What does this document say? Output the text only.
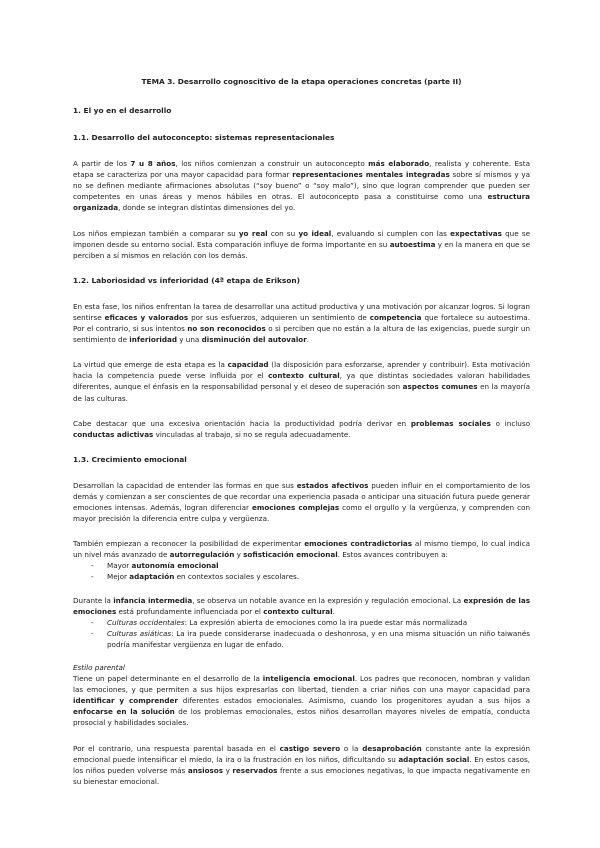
TEMA 3. Desarrollo cognoscitivo de la etapa operaciones concretas (parte II)
1. El yo en el desarrollo
1.1. Desarrollo del autoconcepto: sistemas representacionales

A partir de los 7 u 8 años, los niños comienzan a construir un autoconcepto más elaborado, realista y coherente. Esta etapa se caracteriza por una mayor capacidad para formar representaciones mentales integradas sobre sí mismos y ya no se definen mediante afirmaciones absolutas (“soy bueno” o “soy malo”), sino que logran comprender que pueden ser competentes en unas áreas y menos hábiles en otras. El autoconcepto pasa a constituirse como una estructura organizada, donde se integran distintas dimensiones del yo.

Los niños empiezan también a comparar su yo real con su yo ideal, evaluando si cumplen con las expectativas que se imponen desde su entorno social. Esta comparación influye de forma importante en su autoestima y en la manera en que se perciben a sí mismos en relación con los demás.

1.2. Laboriosidad vs inferioridad (4ª etapa de Erikson)

En esta fase, los niños enfrentan la tarea de desarrollar una actitud productiva y una motivación por alcanzar logros. Si logran sentirse eficaces y valorados por sus esfuerzos, adquieren un sentimiento de competencia que fortalece su autoestima. Por el contrario, si sus intentos no son reconocidos o si perciben que no están a la altura de las exigencias, puede surgir un sentimiento de inferioridad y una disminución del autovalor.

La virtud que emerge de esta etapa es la capacidad (la disposición para esforzarse, aprender y contribuir). Esta motivación hacia la competencia puede verse influida por el contexto cultural, ya que distintas sociedades valoran habilidades diferentes, aunque el énfasis en la responsabilidad personal y el deseo de superación son aspectos comunes en la mayoría de las culturas.

Cabe destacar que una excesiva orientación hacia la productividad podría derivar en problemas sociales o incluso conductas adictivas vinculadas al trabajo, si no se regula adecuadamente.

1.3. Crecimiento emocional

Desarrollan la capacidad de entender las formas en que sus estados afectivos pueden influir en el comportamiento de los demás y comienzan a ser conscientes de que recordar una experiencia pasada o anticipar una situación futura puede generar emociones intensas. Además, logran diferenciar emociones complejas como el orgullo y la vergüenza, y comprenden con mayor precisión la diferencia entre culpa y vergüenza.

También empiezan a reconocer la posibilidad de experimentar emociones contradictorias al mismo tiempo, lo cual indica un nivel más avanzado de autorregulación y sofisticación emocional. Estos avances contribuyen a:

- Mayor autonomía emocional
- Mejor adaptación en contextos sociales y escolares.

Durante la infancia intermedia, se observa un notable avance en la expresión y regulación emocional. La expresión de las emociones está profundamente influenciada por el contexto cultural.

- Culturas occidentales: La expresión abierta de emociones como la ira puede estar más normalizada
- Culturas asiáticas: La ira puede considerarse inadecuada o deshonrosa, y en una misma situación un niño taiwanés podría manifestar vergüenza en lugar de enfado.

Estilo parental

Tiene un papel determinante en el desarrollo de la inteligencia emocional. Los padres que reconocen, nombran y validan las emociones, y que permiten a sus hijos expresarlas con libertad, tienden a criar niños con una mayor capacidad para identificar y comprender diferentes estados emocionales. Asimismo, cuando los progenitores ayudan a sus hijos a enfocarse en la solución de los problemas emocionales, estos niños desarrollan mayores niveles de empatía, conducta prosocial y habilidades sociales.

Por el contrario, una respuesta parental basada en el castigo severo o la desaprobación constante ante la expresión emocional puede intensificar el miedo, la ira o la frustración en los niños, dificultando su adaptación social. En estos casos, los niños pueden volverse más ansiosos y reservados frente a sus emociones negativas, lo que impacta negativamente en su bienestar emocional.
